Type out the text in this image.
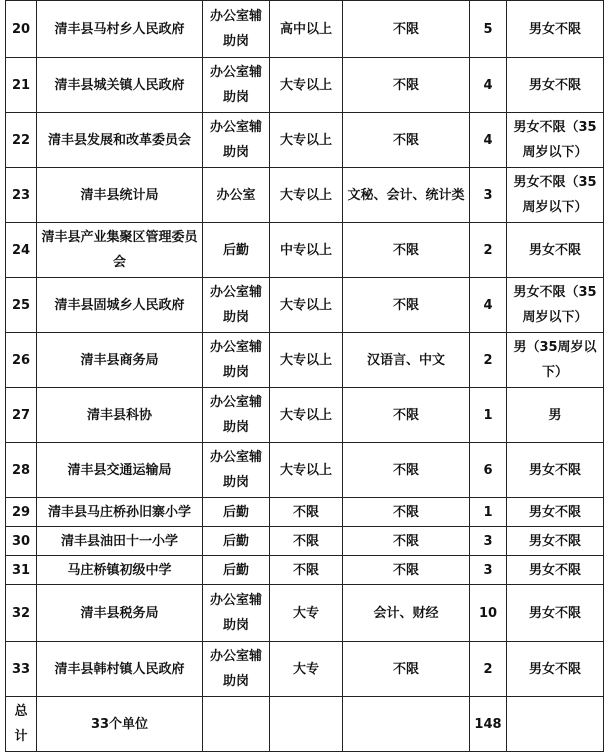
20	清丰县马村乡人民政府	办公室辅助岗	高中以上	不限	5	男女不限
21	清丰县城关镇人民政府	办公室辅助岗	大专以上	不限	4	男女不限
22	清丰县发展和改革委员会	办公室辅助岗	大专以上	不限	4	男女不限（35周岁以下）
23	清丰县统计局	办公室	大专以上	文秘、会计、统计类	3	男女不限（35周岁以下）
24	清丰县产业集聚区管理委员会	后勤	中专以上	不限	2	男女不限
25	清丰县固城乡人民政府	办公室辅助岗	大专以上	不限	4	男女不限（35周岁以下）
26	清丰县商务局	办公室辅助岗	大专以上	汉语言、中文	2	男（35周岁以下）
27	清丰县科协	办公室辅助岗	大专以上	不限	1	男
28	清丰县交通运输局	办公室辅助岗	大专以上	不限	6	男女不限
29	清丰县马庄桥孙旧寨小学	后勤	不限	不限	1	男女不限
30	清丰县油田十一小学	后勤	不限	不限	3	男女不限
31	马庄桥镇初级中学	后勤	不限	不限	3	男女不限
32	清丰县税务局	办公室辅助岗	大专	会计、财经	10	男女不限
33	清丰县韩村镇人民政府	办公室辅助岗	大专	不限	2	男女不限
总计	33个单位				148	
